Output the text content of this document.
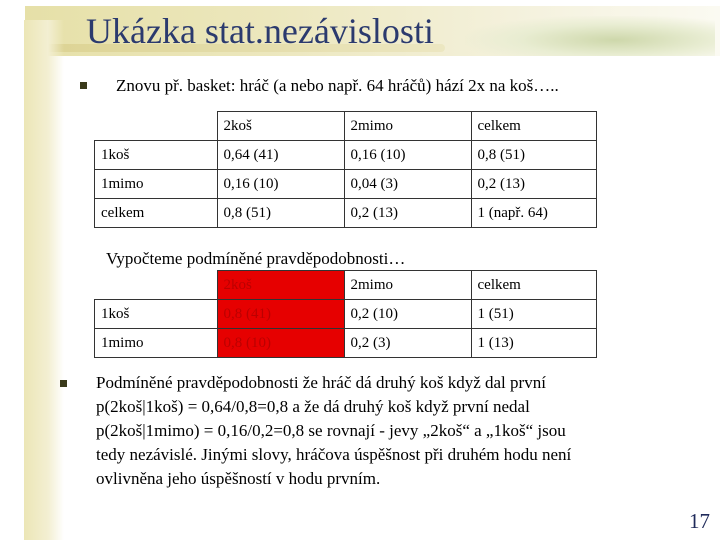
Ukázka stat.nezávislosti
Znovu př. basket: hráč (a nebo např. 64 hráčů) hází 2x na koš…..
	2koš	2mimo	celkem
1koš	0,64 (41)	0,16 (10)	0,8 (51)
1mimo	0,16 (10)	0,04 (3)	0,2 (13)
celkem	0,8 (51)	0,2 (13)	1 (např. 64)
Vypočteme podmíněné pravděpodobnosti…
	2koš	2mimo	celkem
1koš	0,8 (41)	0,2 (10)	1 (51)
1mimo	0,8 (10)	0,2 (3)	1 (13)
Podmíněné pravděpodobnosti že hráč dá druhý koš když dal první
p(2koš|1koš) = 0,64/0,8=0,8 a že dá druhý koš když první nedal
p(2koš|1mimo) = 0,16/0,2=0,8 se rovnají - jevy „2koš“ a „1koš“ jsou
tedy nezávislé. Jinými slovy, hráčova úspěšnost při druhém hodu není
ovlivněna jeho úspěšností v hodu prvním.
17
